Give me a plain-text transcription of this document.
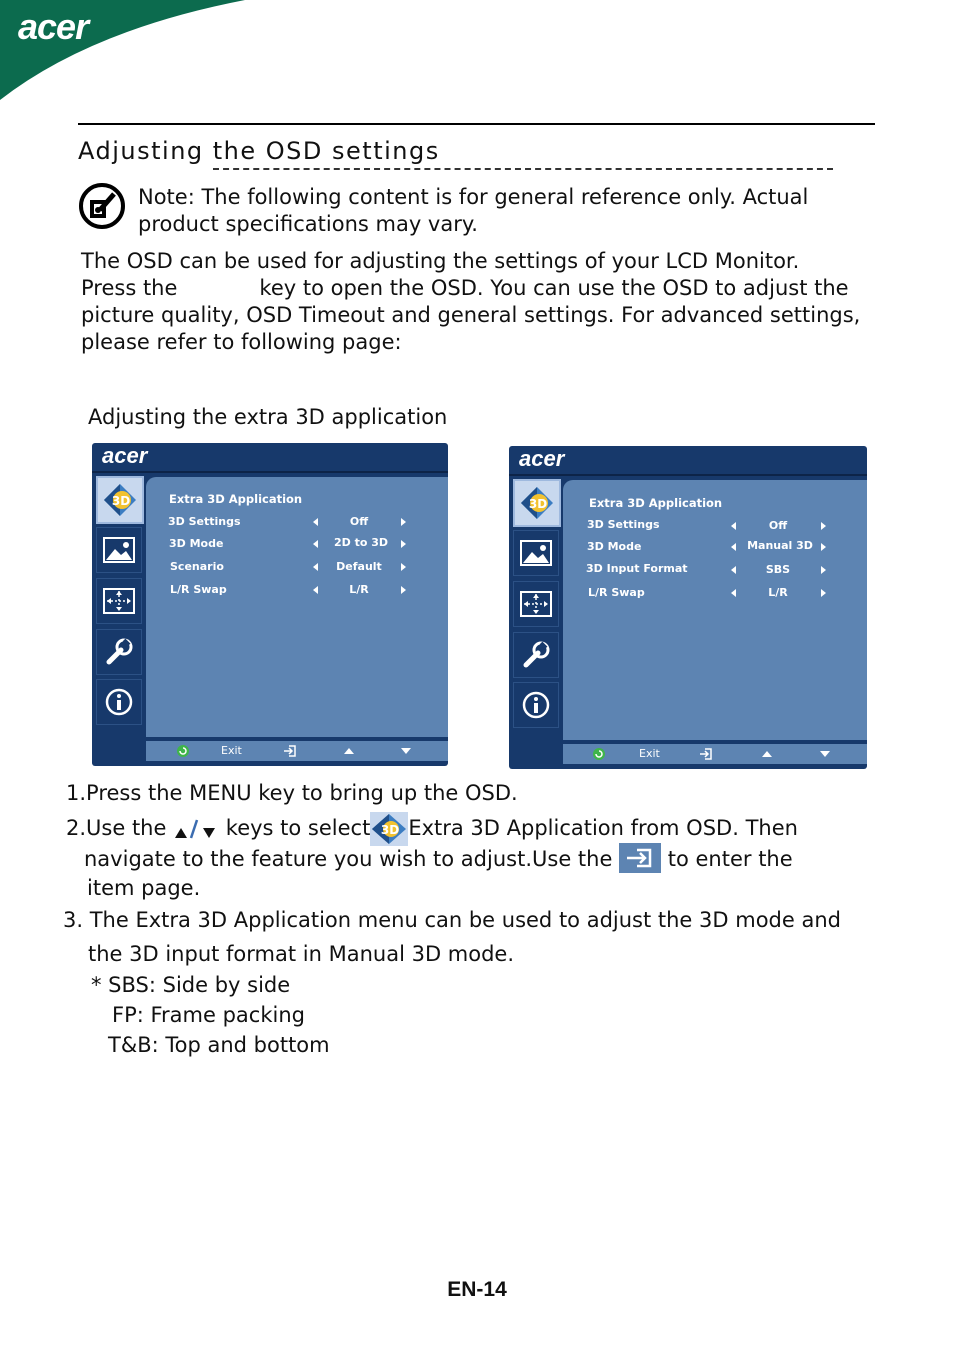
acer
Adjusting the OSD settings
Note: The following content is for general reference only. Actual
product specifications may vary.
The OSD can be used for adjusting the settings of your LCD Monitor.
Press the	key to open the OSD. You can use the OSD to adjust the
picture quality, OSD Timeout and general settings. For advanced settings,
please refer to following page:
Adjusting the extra 3D application
acer
3D	Extra 3D Application
3D Settings	Off
3D Mode	2D to 3D
Scenario	Default
L/R Swap	L/R
Exit
acer
3D	Extra 3D Application
3D Settings	Off
3D Mode	Manual 3D
3D Input Format	SBS
L/R Swap	L/R
Exit
1.Press the MENU key to bring up the OSD.
2.Use the	keys to select 3D Extra 3D Application from OSD. Then
navigate to the feature you wish to adjust.Use the	to enter the
item page.
3. The Extra 3D Application menu can be used to adjust the 3D mode and
the 3D input format in Manual 3D mode.
* SBS: Side by side
FP: Frame packing
T&B: Top and bottom
EN-14
